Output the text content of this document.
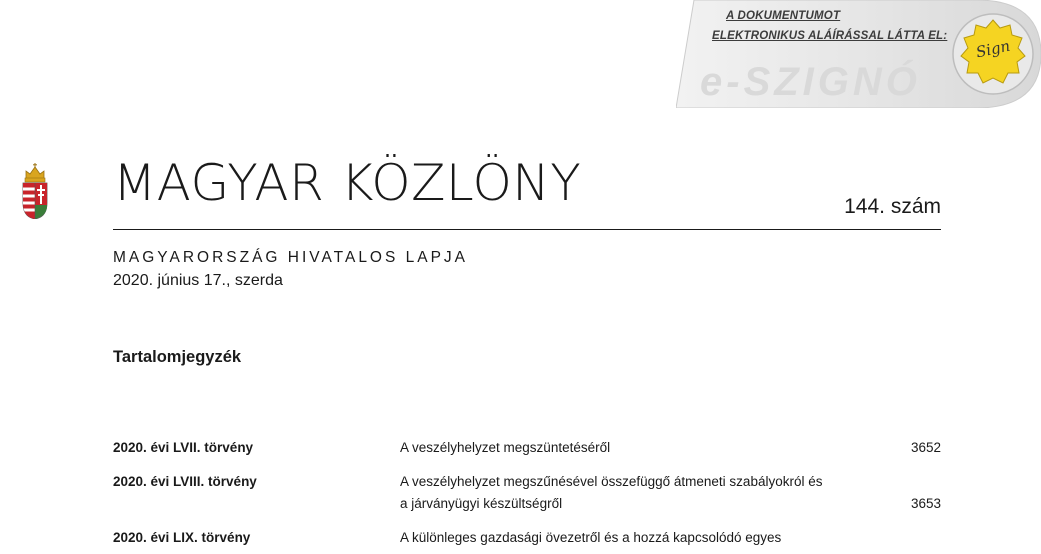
A DOKUMENTUMOT
ELEKTRONIKUS ALÁÍRÁSSAL LÁTTA EL:
e-SZIGNÓ
Sign
MAGYAR KÖZLÖNY	144. szám
MAGYARORSZÁG HIVATALOS LAPJA
2020. június 17., szerda
Tartalomjegyzék
2020. évi LVII. törvény	A veszélyhelyzet megszüntetéséről	3652
2020. évi LVIII. törvény	A veszélyhelyzet megszűnésével összefüggő átmeneti szabályokról és
a járványügyi készültségről	3653
2020. évi LIX. törvény	A különleges gazdasági övezetről és a hozzá kapcsolódó egyes
